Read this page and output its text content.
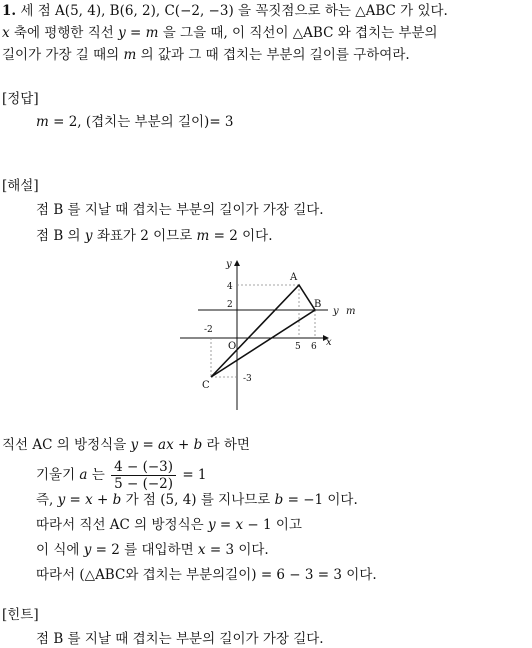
1. 세 점 A(5, 4), B(6, 2), C(−2, −3) 을 꼭짓점으로 하는 △ABC 가 있다.
x 축에 평행한 직선 y = m 을 그을 때, 이 직선이 △ABC 와 겹치는 부분의
길이가 가장 길 때의 m 의 값과 그 때 겹치는 부분의 길이를 구하여라.
[정답]
m = 2, (겹치는 부분의 길이)= 3
[해설]
점 B 를 지날 때 겹치는 부분의 길이가 가장 길다.
점 B 의 y 좌표가 2 이므로 m = 2 이다.
y
x
O
y m
A
B
C
4
2
-2
-3
5 6
직선 AC 의 방정식을 y = ax + b 라 하면
기울기 a 는 $\frac{4 - (-3)}{5 - (-2)} = 1$
즉, y = x + b 가 점 (5, 4) 를 지나므로 b = −1 이다.
따라서 직선 AC 의 방정식은 y = x − 1 이고
이 식에 y = 2 를 대입하면 x = 3 이다.
따라서 (△ABC와 겹치는 부분의길이) = 6 − 3 = 3 이다.
[힌트]
점 B 를 지날 때 겹치는 부분의 길이가 가장 길다.
